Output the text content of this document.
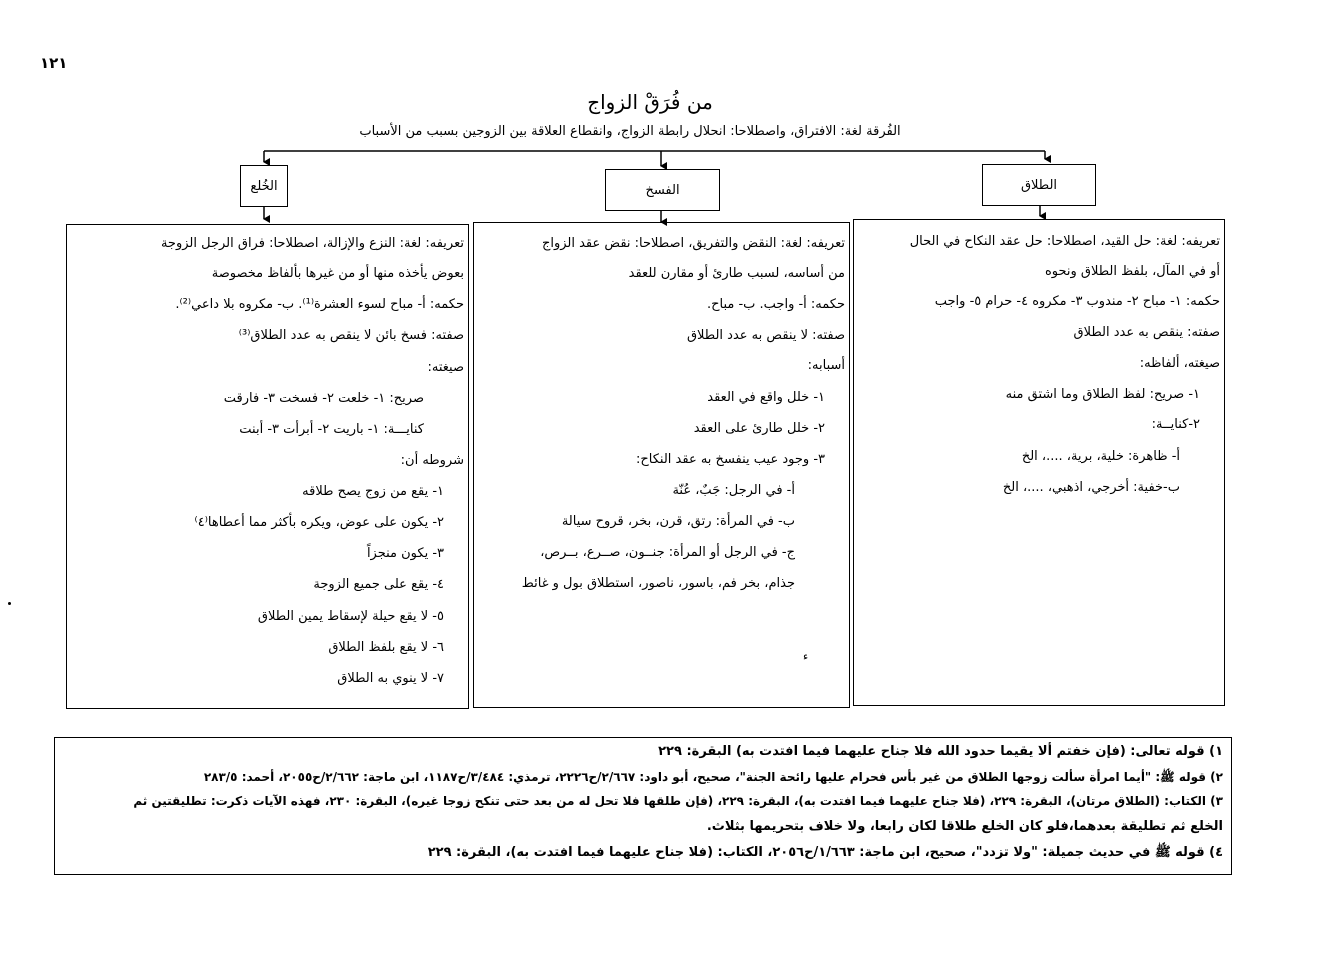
١٢١
من فُرَقْ الزواج
الفُرقة لغة: الافتراق، واصطلاحا: انحلال رابطة الزواج، وانقطاع العلاقة بين الزوجين بسبب من الأسباب
الخُلع	الفسخ	الطلاق
تعريفه: لغة: حل القيد، اصطلاحا: حل عقد النكاح في الحال
أو في المآل، بلفظ الطلاق ونحوه
حكمه: ١- مباح ٢- مندوب ٣- مكروه ٤- حرام ٥- واجب
صفته: ينقص به عدد الطلاق
صيغته، ألفاظه:
١- صريح: لفظ الطلاق وما اشتق منه
٢-كنايــة:
أ- ظاهرة: خلية، برية، ....، الخ
ب-خفية: أخرجي، اذهبي، ....، الخ
تعريفه: لغة: النقض والتفريق، اصطلاحا: نقض عقد الزواج
من أساسه، لسبب طارئ أو مقارن للعقد
حكمه: أ- واجب. ب- مباح.
صفته: لا ينقص به عدد الطلاق
أسبابه:
١- خلل واقع في العقد
٢- خلل طارئ على العقد
٣- وجود عيب ينفسخ به عقد النكاح:
أ- في الرجل: جَبٌ، عُنّة
ب- في المرأة: رتق، قرن، بخر، قروح سيالة
ج- في الرجل أو المرأة: جنــون، صــرع، بــرص،
جذام، بخر فم، باسور، ناصور، استطلاق بول و غائط
تعريفه: لغة: النزع والإزالة، اصطلاحا: فراق الرجل الزوجة
بعوض يأخذه منها أو من غيرها بألفاظ مخصوصة
حكمه: أ- مباح لسوء العشرة⁽¹⁾. ب- مكروه بلا داعي⁽²⁾.
صفته: فسخ بائن لا ينقص به عدد الطلاق⁽³⁾
صيغته:
صريح: ١- خلعت ٢- فسخت ٣- فارقت
كنايـــة: ١- باريت ٢- أبرأت ٣- أبنت
شروطه أن:
١- يقع من زوج يصح طلاقه
٢- يكون على عوض، ويكره بأكثر مما أعطاها⁽٤⁾
٣- يكون منجزاً
٤- يقع على جميع الزوجة
٥- لا يقع حيلة لإسقاط يمين الطلاق
٦- لا يقع بلفظ الطلاق
٧- لا ينوي به الطلاق
ء
١) قوله تعالى: (فإن خفتم ألا يقيما حدود الله فلا جناح عليهما فيما افتدت به) البقرة: ٢٢٩
٢) قوله ﷺ: "أيما امرأة سألت زوجها الطلاق من غير بأس فحرام عليها رائحة الجنة"، صحيح، أبو داود: ٢/٦٦٧/ح٢٢٢٦، ترمذي: ٣/٤٨٤/ح١١٨٧، ابن ماجة: ٢/٦٦٢/ح٢٠٥٥، أحمد: ٢٨٣/٥
٣) الكتاب: (الطلاق مرتان)، البقرة: ٢٢٩، (فلا جناح عليهما فيما افتدت به)، البقرة: ٢٢٩، (فإن طلقها فلا تحل له من بعد حتى تنكح زوجا غيره)، البقرة: ٢٣٠، فهذه الآيات ذكرت: تطليقتين ثم
الخلع ثم تطليقة بعدهما،فلو كان الخلع طلاقا لكان رابعا، ولا خلاف بتحريمها بثلاث.
٤) قوله ﷺ في حديث جميلة: "ولا تزدد"، صحيح، ابن ماجة: ١/٦٦٣/ح٢٠٥٦، الكتاب: (فلا جناح عليهما فيما افتدت به)، البقرة: ٢٢٩
